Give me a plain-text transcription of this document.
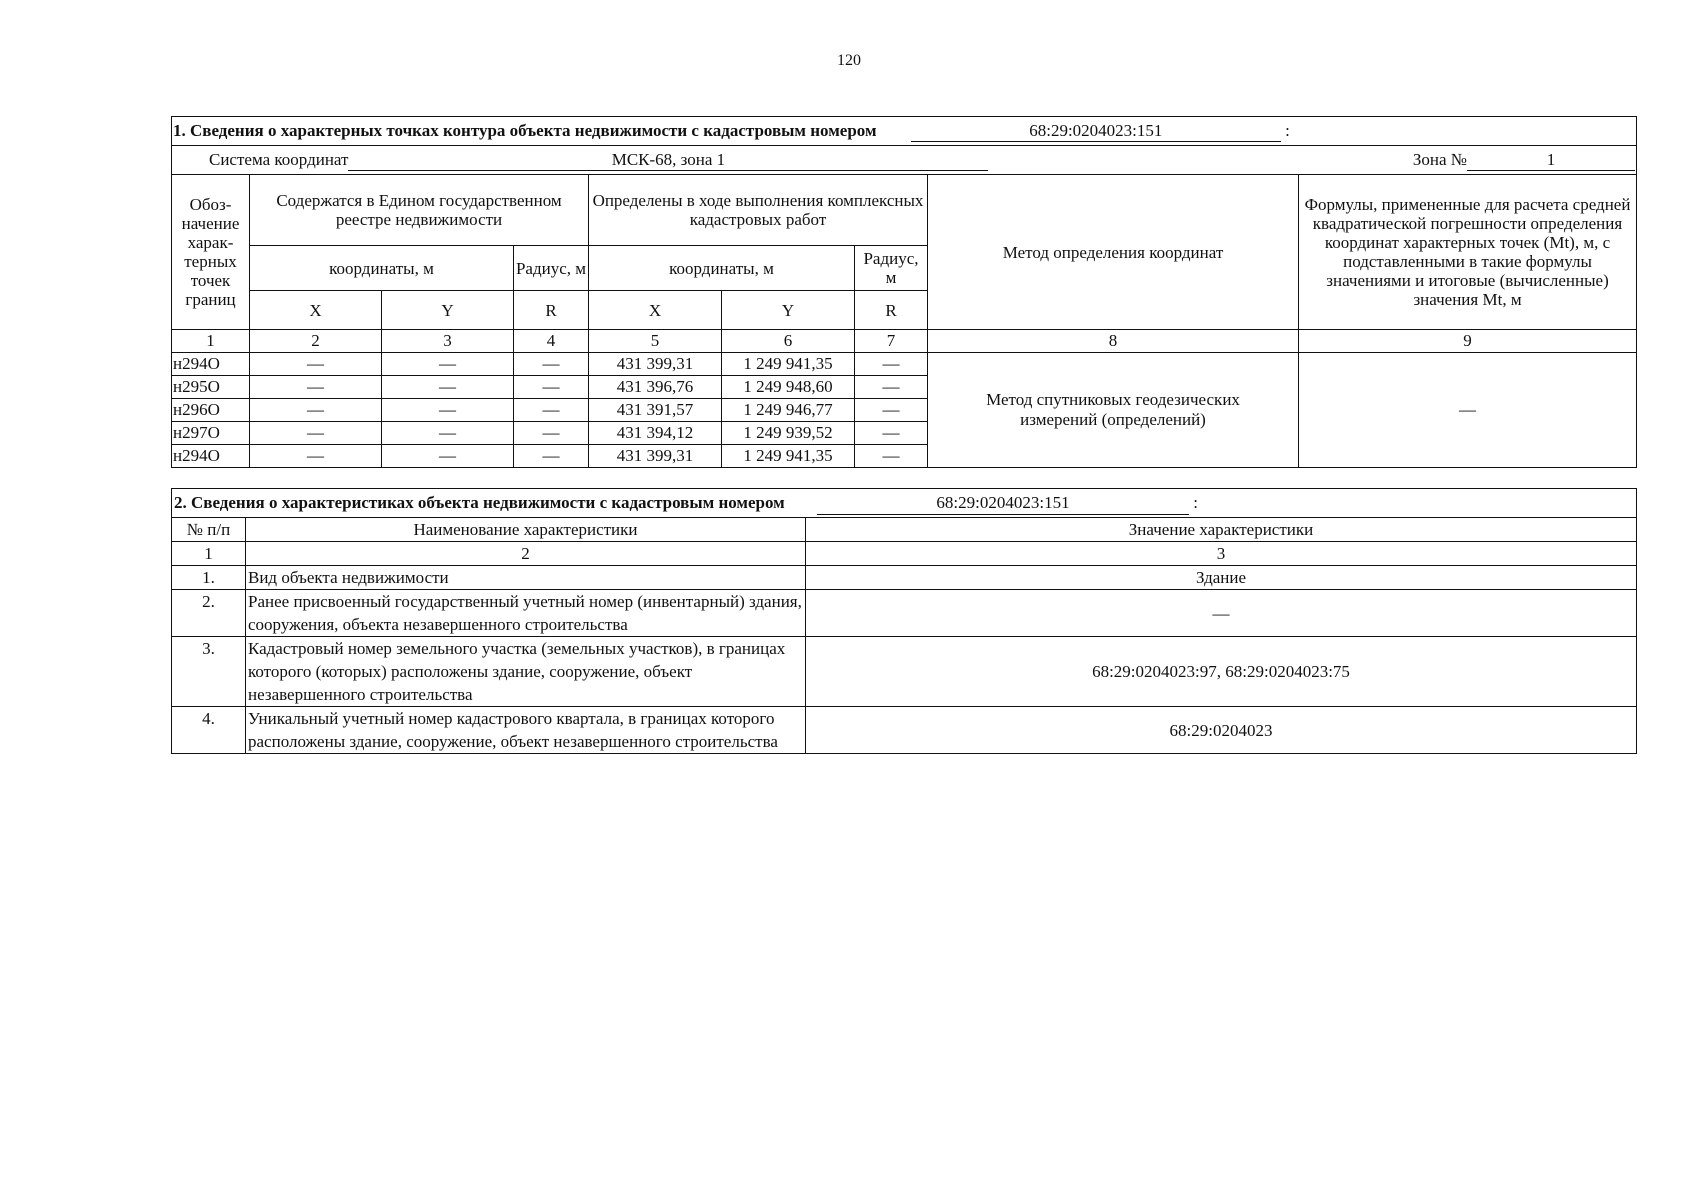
120
1. Сведения о характерных точках контура объекта недвижимости с кадастровым номером 68:29:0204023:151 :								
Система координат МСК-68, зона 1 Зона № 1								

Обоз-начение харак-терных точек границ	Содержатся в Едином государственном реестре недвижимости			Определены в ходе выполнения комплексных кадастровых работ			Метод определения координат	Формулы, примененные для расчета средней квадратической погрешности определения координат характерных точек (Mt), м, с подставленными в такие формулы значениями и итоговые (вычисленные) значения Mt, м
	координаты, м		Радиус, м	координаты, м		Радиус, м		
	X	Y	R	X	Y	R		
1	2	3	4	5	6	7	8	9
н294О	—	—	—	431 399,31	1 249 941,35	—	Метод спутниковых геодезических измерений (определений)	—
н295О	—	—	—	431 396,76	1 249 948,60	—		
н296О	—	—	—	431 391,57	1 249 946,77	—		
н297О	—	—	—	431 394,12	1 249 939,52	—		
н294О	—	—	—	431 399,31	1 249 941,35	—		
2. Сведения о характеристиках объекта недвижимости с кадастровым номером 68:29:0204023:151 :		
№ п/п	Наименование характеристики	Значение характеристики
1	2	3
1.	Вид объекта недвижимости	Здание
2.	Ранее присвоенный государственный учетный номер (инвентарный) здания, сооружения, объекта незавершенного строительства	—
3.	Кадастровый номер земельного участка (земельных участков), в границах которого (которых) расположены здание, сооружение, объект незавершенного строительства	68:29:0204023:97, 68:29:0204023:75
4.	Уникальный учетный номер кадастрового квартала, в границах которого расположены здание, сооружение, объект незавершенного строительства	68:29:0204023
